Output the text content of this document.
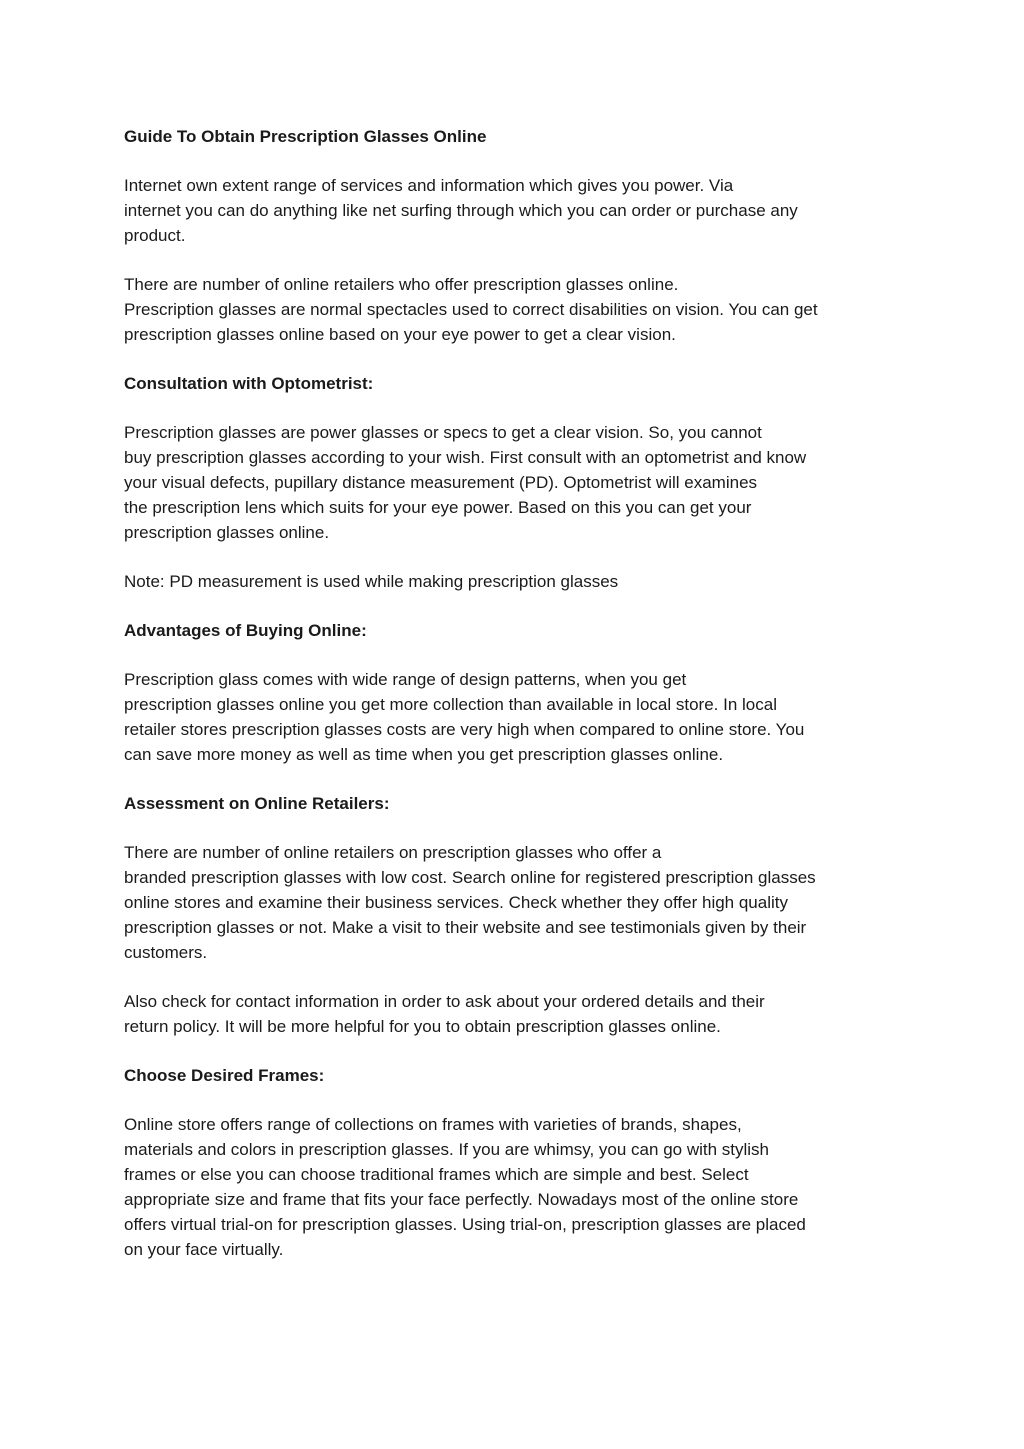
Guide To Obtain Prescription Glasses Online
Internet own extent range of services and information which gives you power. Via
internet you can do anything like net surfing through which you can order or purchase any
product.
There are number of online retailers who offer prescription glasses online.
Prescription glasses are normal spectacles used to correct disabilities on vision. You can get
prescription glasses online based on your eye power to get a clear vision.
Consultation with Optometrist:
Prescription glasses are power glasses or specs to get a clear vision. So, you cannot
buy prescription glasses according to your wish. First consult with an optometrist and know
your visual defects, pupillary distance measurement (PD). Optometrist will examines
the prescription lens which suits for your eye power. Based on this you can get your
prescription glasses online.
Note: PD measurement is used while making prescription glasses
Advantages of Buying Online:
Prescription glass comes with wide range of design patterns, when you get
prescription glasses online you get more collection than available in local store. In local
retailer stores prescription glasses costs are very high when compared to online store. You
can save more money as well as time when you get prescription glasses online.
Assessment on Online Retailers:
There are number of online retailers on prescription glasses who offer a
branded prescription glasses with low cost. Search online for registered prescription glasses
online stores and examine their business services. Check whether they offer high quality
prescription glasses or not. Make a visit to their website and see testimonials given by their
customers.
Also check for contact information in order to ask about your ordered details and their
return policy. It will be more helpful for you to obtain prescription glasses online.
Choose Desired Frames:
Online store offers range of collections on frames with varieties of brands, shapes,
materials and colors in prescription glasses. If you are whimsy, you can go with stylish
frames or else you can choose traditional frames which are simple and best. Select
appropriate size and frame that fits your face perfectly. Nowadays most of the online store
offers virtual trial-on for prescription glasses. Using trial-on, prescription glasses are placed
on your face virtually.
